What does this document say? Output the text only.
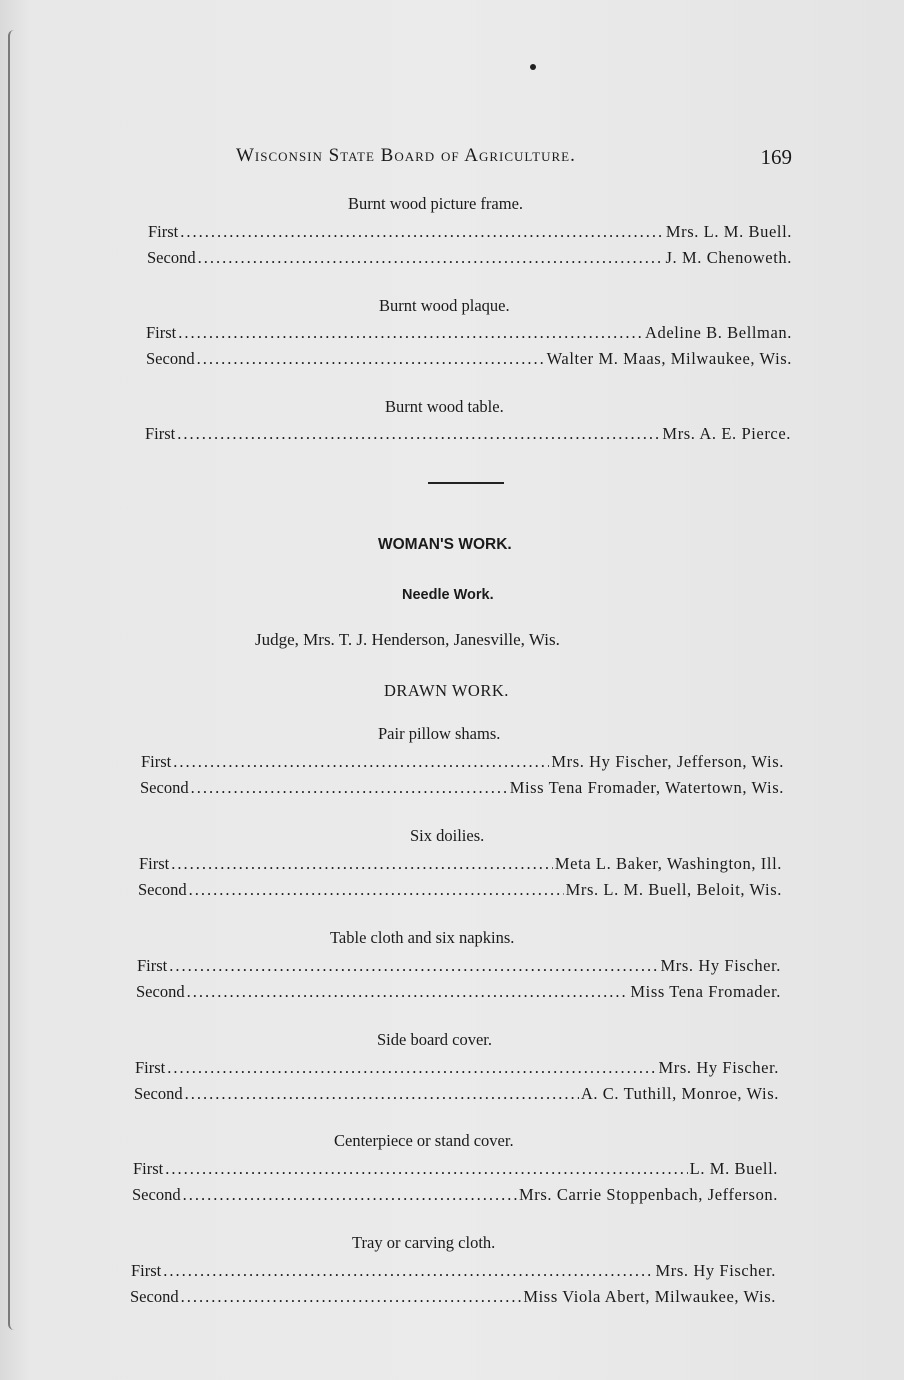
Wisconsin State Board of Agriculture.	169
Burnt wood picture frame.
First .....	Mrs. L. M. Buell.
Second .....	J. M. Chenoweth.
Burnt wood plaque.
First .....	Adeline B. Bellman.
Second .....	Walter M. Maas, Milwaukee, Wis.
Burnt wood table.
First .....	Mrs. A. E. Pierce.
WOMAN'S WORK.
Needle Work.
Judge, Mrs. T. J. Henderson, Janesville, Wis.
DRAWN WORK.
Pair pillow shams.
First .....	Mrs. Hy Fischer, Jefferson, Wis.
Second .....	Miss Tena Fromader, Watertown, Wis.
Six doilies.
First .....	Meta L. Baker, Washington, Ill.
Second .....	Mrs. L. M. Buell, Beloit, Wis.
Table cloth and six napkins.
First .....	Mrs. Hy Fischer.
Second .....	Miss Tena Fromader.
Side board cover.
First .....	Mrs. Hy Fischer.
Second .....	A. C. Tuthill, Monroe, Wis.
Centerpiece or stand cover.
First .....	L. M. Buell.
Second .....	Mrs. Carrie Stoppenbach, Jefferson.
Tray or carving cloth.
First .....	Mrs. Hy Fischer.
Second .....	Miss Viola Abert, Milwaukee, Wis.
